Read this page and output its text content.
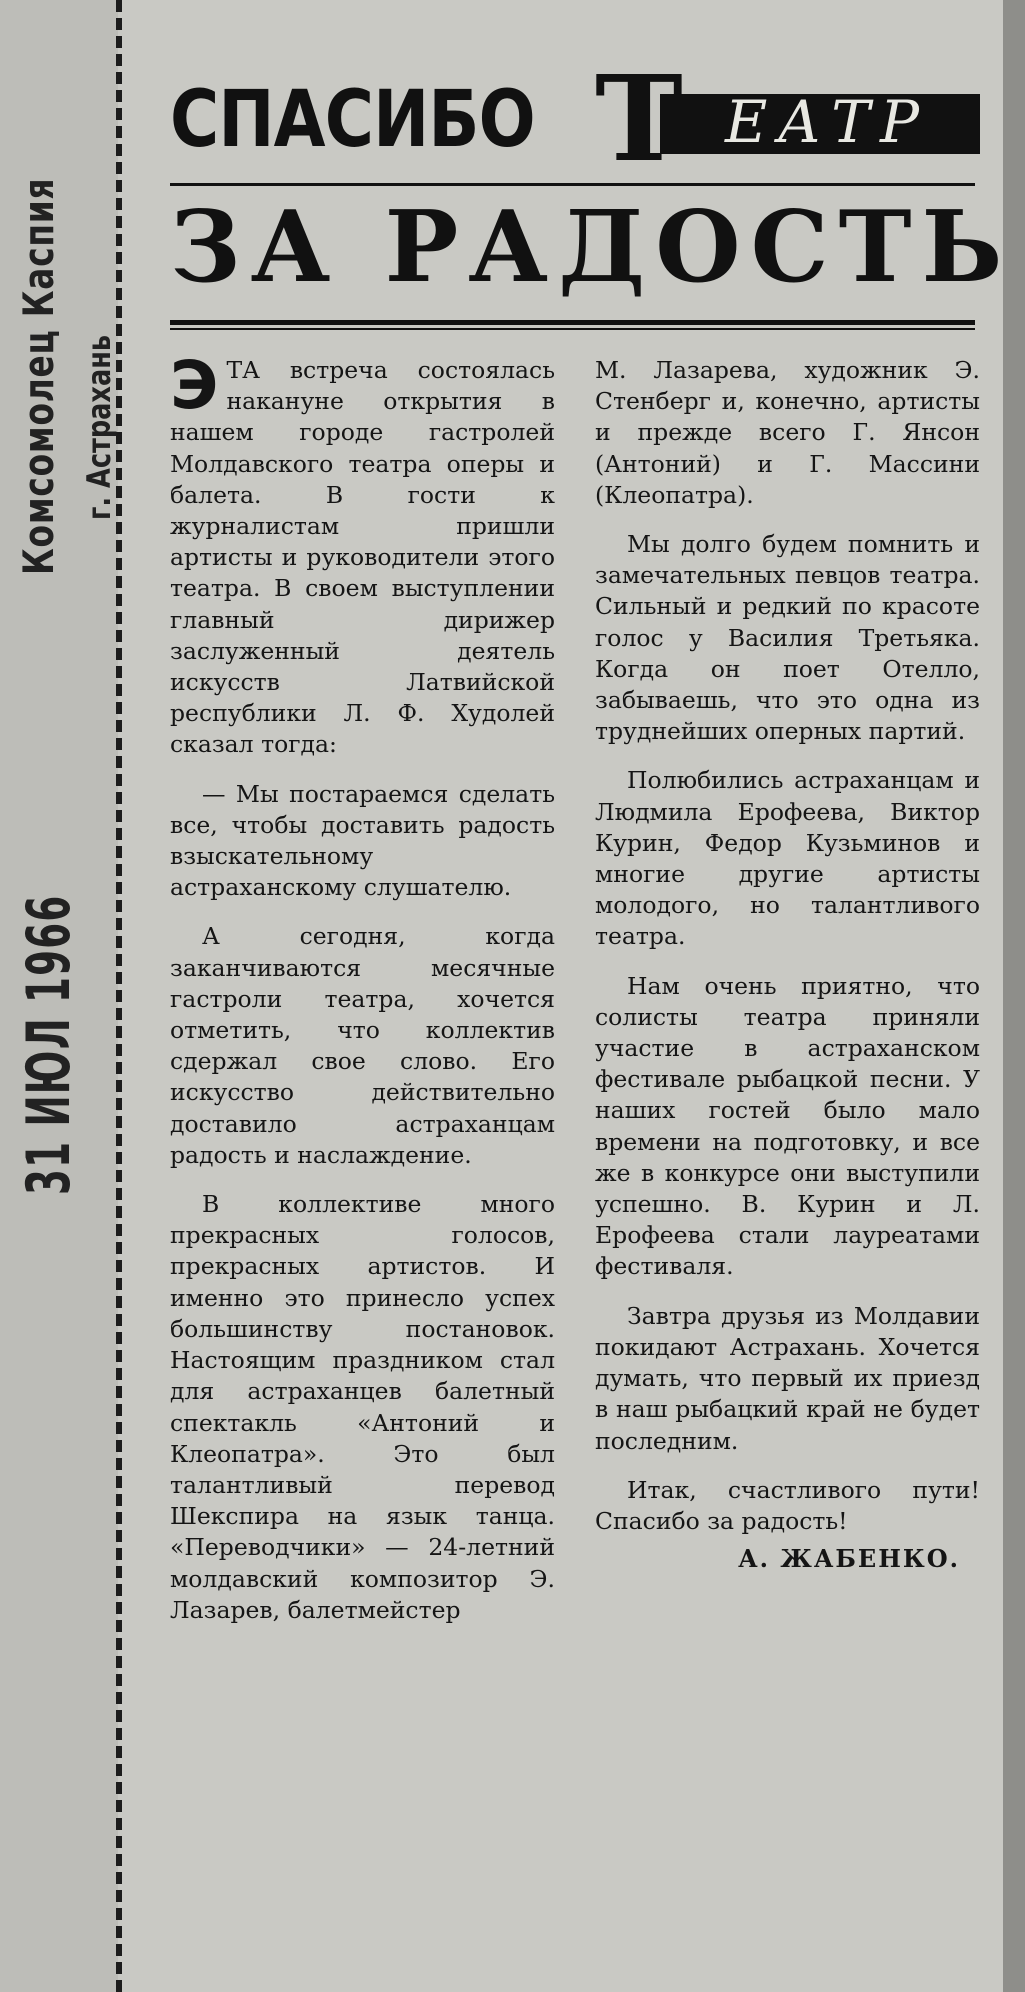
Комсомолец Каспия г. Астрахань
31 ИЮЛ 1966
СПАСИБО Т ЕАТР
ЗА РАДОСТЬ

ЭТА встреча состоялась накануне открытия в нашем городе гастролей Молдавского театра оперы и балета. В гости к журналистам пришли артисты и руководители этого театра. В своем выступлении главный дирижер заслуженный деятель искусств Латвийской республики Л. Ф. Худолей сказал тогда:

— Мы постараемся сделать все, чтобы доставить радость взыскательному астраханскому слушателю.

А сегодня, когда заканчиваются месячные гастроли театра, хочется отметить, что коллектив сдержал свое слово. Его искусство действительно доставило астраханцам радость и наслаждение.

В коллективе много прекрасных голосов, прекрасных артистов. И именно это принесло успех большинству постановок. Настоящим праздником стал для астраханцев балетный спектакль «Антоний и Клеопатра». Это был талантливый перевод Шекспира на язык танца. «Переводчики» — 24-летний молдавский композитор Э. Лазарев, балетмейстер

М. Лазарева, художник Э. Стенберг и, конечно, артисты и прежде всего Г. Янсон (Антоний) и Г. Массини (Клеопатра).

Мы долго будем помнить и замечательных певцов театра. Сильный и редкий по красоте голос у Василия Третьяка. Когда он поет Отелло, забываешь, что это одна из труднейших оперных партий.

Полюбились астраханцам и Людмила Ерофеева, Виктор Курин, Федор Кузьминов и многие другие артисты молодого, но талантливого театра.

Нам очень приятно, что солисты театра приняли участие в астраханском фестивале рыбацкой песни. У наших гостей было мало времени на подготовку, и все же в конкурсе они выступили успешно. В. Курин и Л. Ерофеева стали лауреатами фестиваля.

Завтра друзья из Молдавии покидают Астрахань. Хочется думать, что первый их приезд в наш рыбацкий край не будет последним.

Итак, счастливого пути! Спасибо за радость!

А. ЖАБЕНКО.
